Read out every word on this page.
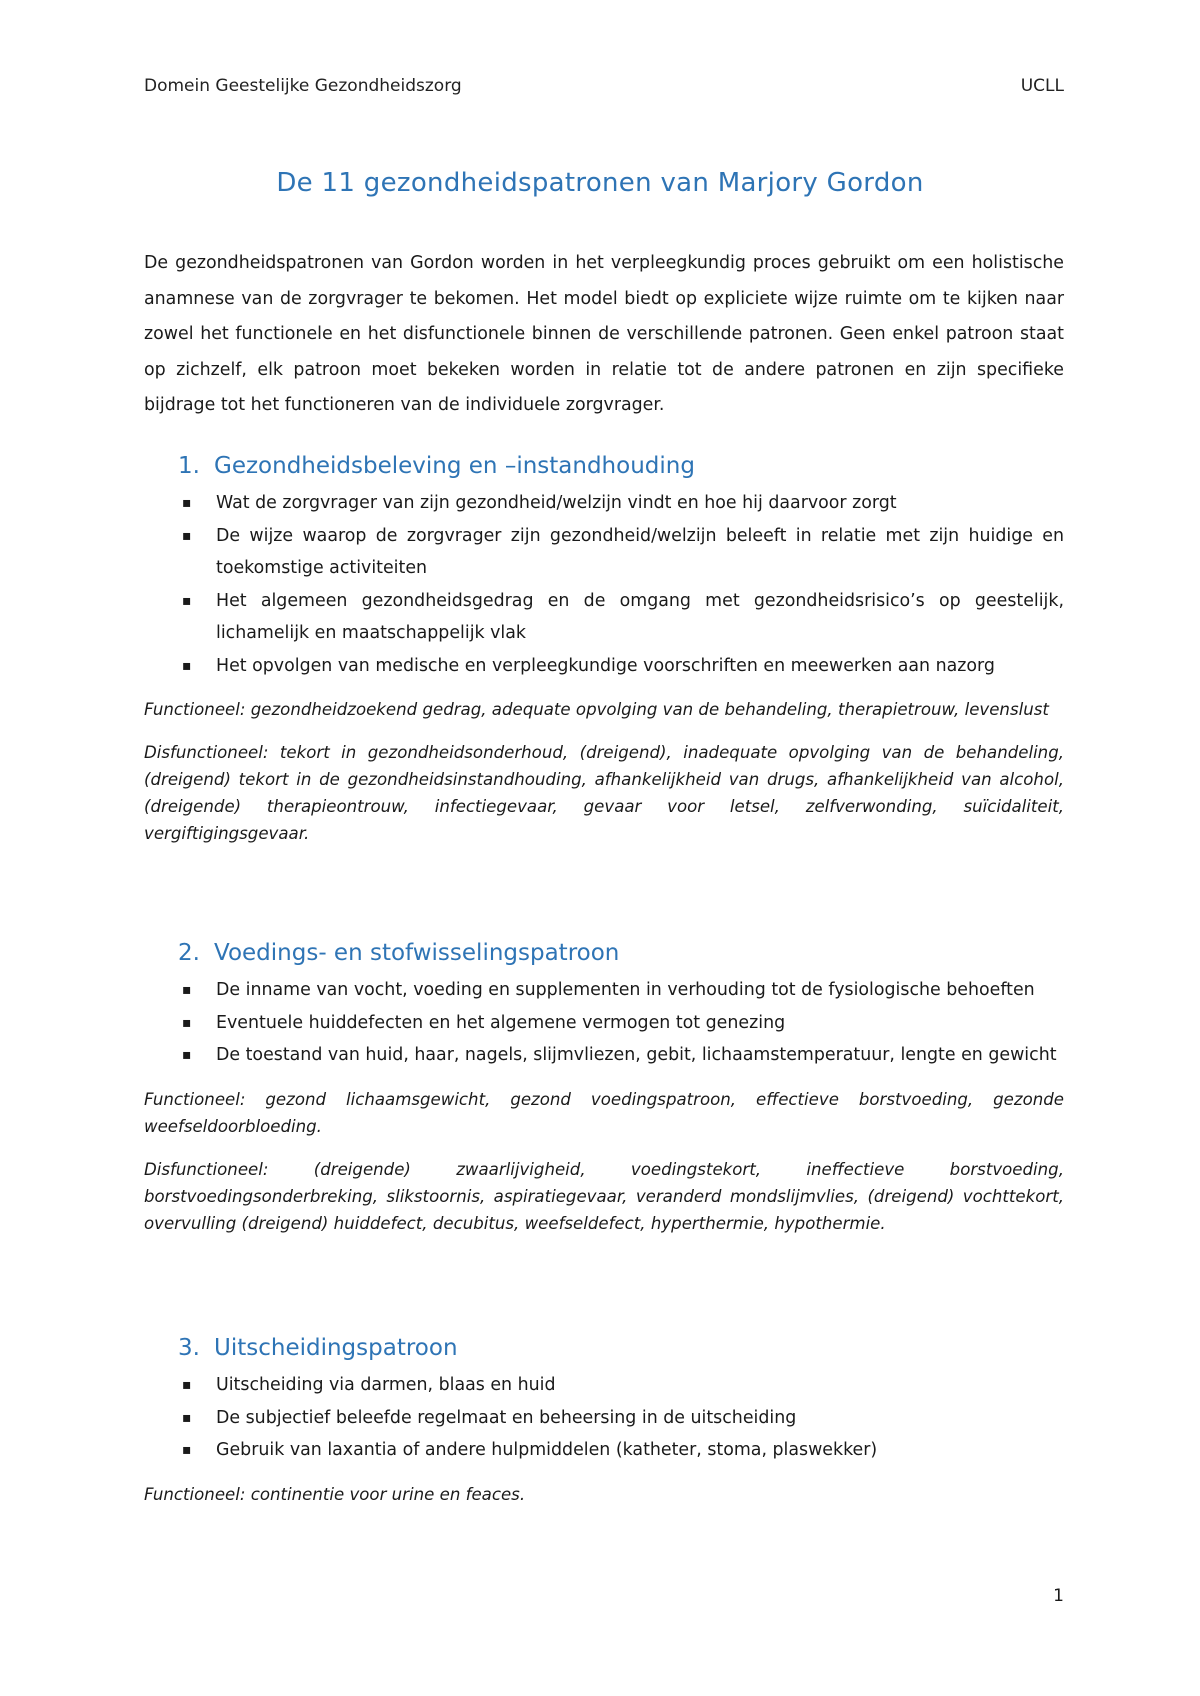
Domein Geestelijke Gezondheidszorg	UCLL
De 11 gezondheidspatronen van Marjory Gordon

De gezondheidspatronen van Gordon worden in het verpleegkundig proces gebruikt om een holistische anamnese van de zorgvrager te bekomen. Het model biedt op expliciete wijze ruimte om te kijken naar zowel het functionele en het disfunctionele binnen de verschillende patronen. Geen enkel patroon staat op zichzelf, elk patroon moet bekeken worden in relatie tot de andere patronen en zijn specifieke bijdrage tot het functioneren van de individuele zorgvrager.

1. Gezondheidsbeleving en –instandhouding
▪ Wat de zorgvrager van zijn gezondheid/welzijn vindt en hoe hij daarvoor zorgt
▪ De wijze waarop de zorgvrager zijn gezondheid/welzijn beleeft in relatie met zijn huidige en toekomstige activiteiten
▪ Het algemeen gezondheidsgedrag en de omgang met gezondheidsrisico’s op geestelijk, lichamelijk en maatschappelijk vlak
▪ Het opvolgen van medische en verpleegkundige voorschriften en meewerken aan nazorg

Functioneel: gezondheidzoekend gedrag, adequate opvolging van de behandeling, therapietrouw, levenslust

Disfunctioneel: tekort in gezondheidsonderhoud, (dreigend), inadequate opvolging van de behandeling, (dreigend) tekort in de gezondheidsinstandhouding, afhankelijkheid van drugs, afhankelijkheid van alcohol, (dreigende) therapieontrouw, infectiegevaar, gevaar voor letsel, zelfverwonding, suïcidaliteit, vergiftigingsgevaar.

2. Voedings- en stofwisselingspatroon
▪ De inname van vocht, voeding en supplementen in verhouding tot de fysiologische behoeften
▪ Eventuele huiddefecten en het algemene vermogen tot genezing
▪ De toestand van huid, haar, nagels, slijmvliezen, gebit, lichaamstemperatuur, lengte en gewicht

Functioneel: gezond lichaamsgewicht, gezond voedingspatroon, effectieve borstvoeding, gezonde weefseldoorbloeding.

Disfunctioneel: (dreigende) zwaarlijvigheid, voedingstekort, ineffectieve borstvoeding, borstvoedingsonderbreking, slikstoornis, aspiratiegevaar, veranderd mondslijmvlies, (dreigend) vochttekort, overvulling (dreigend) huiddefect, decubitus, weefseldefect, hyperthermie, hypothermie.

3. Uitscheidingspatroon
▪ Uitscheiding via darmen, blaas en huid
▪ De subjectief beleefde regelmaat en beheersing in de uitscheiding
▪ Gebruik van laxantia of andere hulpmiddelen (katheter, stoma, plaswekker)

Functioneel: continentie voor urine en feaces.

1
